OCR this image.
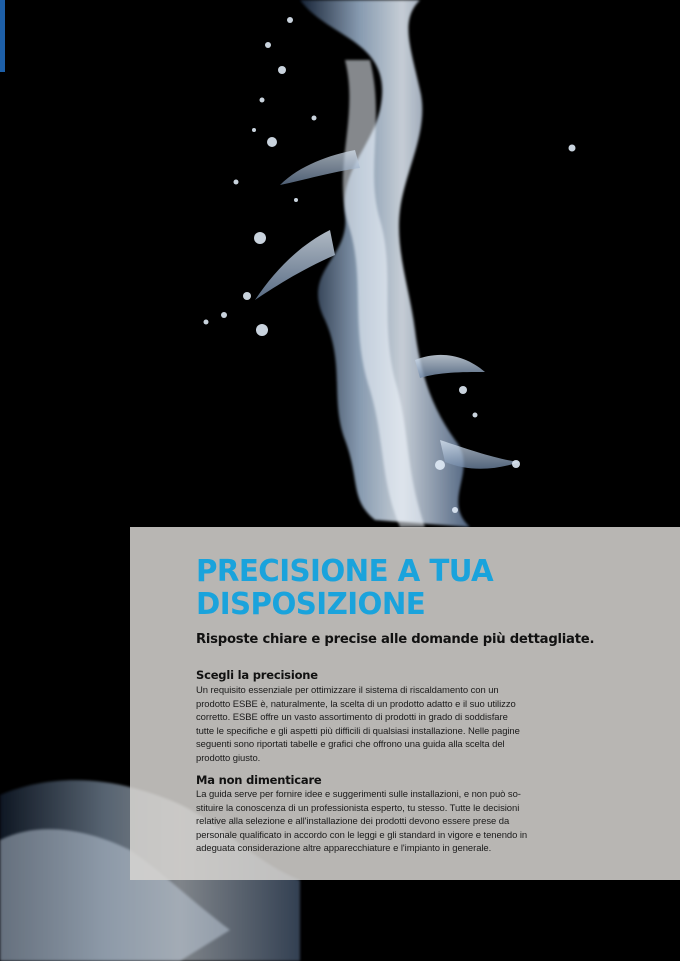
PRECISIONE A TUA
DISPOSIZIONE

Risposte chiare e precise alle domande più dettagliate.

Scegli la precisione
Un requisito essenziale per ottimizzare il sistema di riscaldamento con un
prodotto ESBE è, naturalmente, la scelta di un prodotto adatto e il suo utilizzo
corretto. ESBE offre un vasto assortimento di prodotti in grado di soddisfare
tutte le specifiche e gli aspetti più difficili di qualsiasi installazione. Nelle pagine
seguenti sono riportati tabelle e grafici che offrono una guida alla scelta del
prodotto giusto.
Ma non dimenticare
La guida serve per fornire idee e suggerimenti sulle installazioni, e non può so-
stituire la conoscenza di un professionista esperto, tu stesso. Tutte le decisioni
relative alla selezione e all'installazione dei prodotti devono essere prese da
personale qualificato in accordo con le leggi e gli standard in vigore e tenendo in
adeguata considerazione altre apparecchiature e l'impianto in generale.
